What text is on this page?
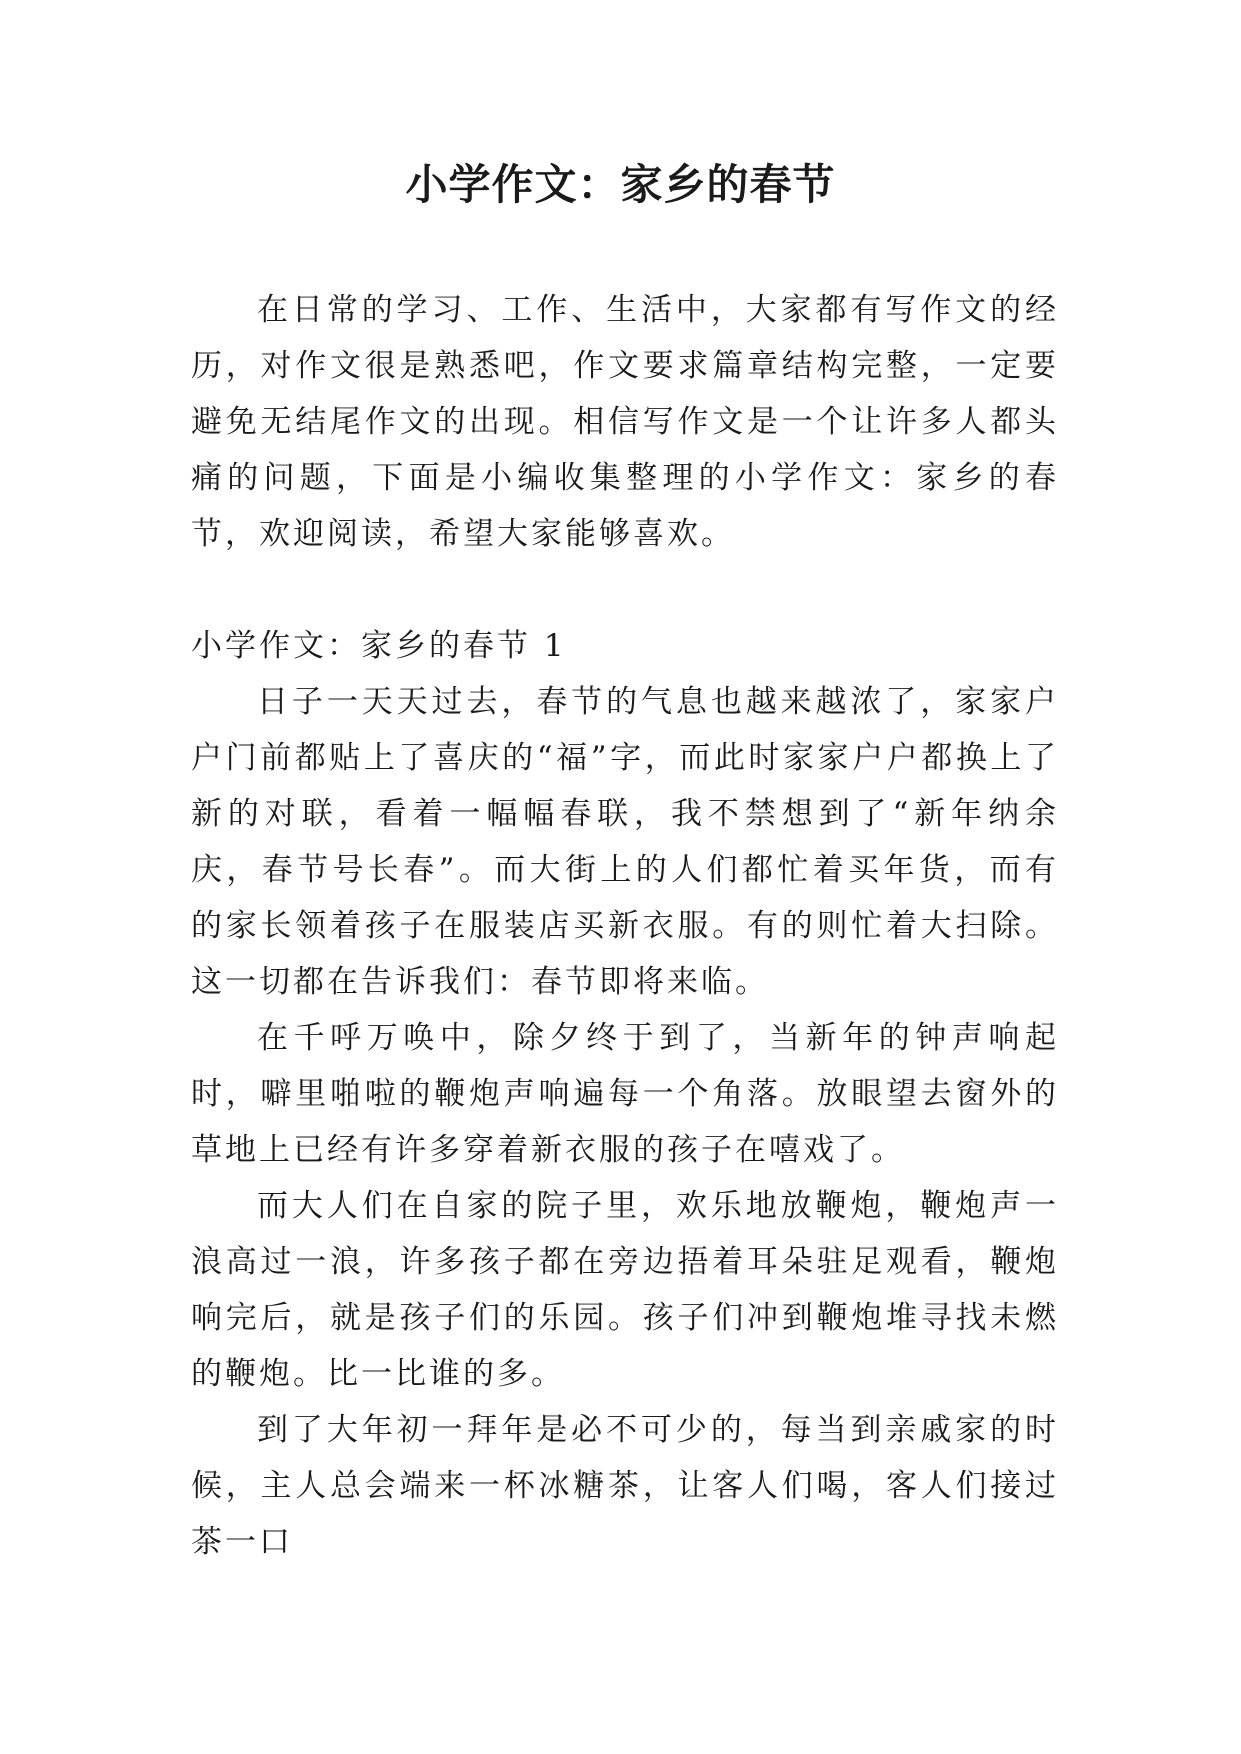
小学作文：家乡的春节

在日常的学习、工作、生活中，大家都有写作文的经历，对作文很是熟悉吧，作文要求篇章结构完整，一定要避免无结尾作文的出现。相信写作文是一个让许多人都头痛的问题，下面是小编收集整理的小学作文：家乡的春节，欢迎阅读，希望大家能够喜欢。

小学作文：家乡的春节 1

日子一天天过去，春节的气息也越来越浓了，家家户户门前都贴上了喜庆的“福”字，而此时家家户户都换上了新的对联，看着一幅幅春联，我不禁想到了“新年纳余庆，春节号长春”。而大街上的人们都忙着买年货，而有的家长领着孩子在服装店买新衣服。有的则忙着大扫除。这一切都在告诉我们：春节即将来临。

在千呼万唤中，除夕终于到了，当新年的钟声响起时，噼里啪啦的鞭炮声响遍每一个角落。放眼望去窗外的草地上已经有许多穿着新衣服的孩子在嘻戏了。

而大人们在自家的院子里，欢乐地放鞭炮，鞭炮声一浪高过一浪，许多孩子都在旁边捂着耳朵驻足观看，鞭炮响完后，就是孩子们的乐园。孩子们冲到鞭炮堆寻找未燃的鞭炮。比一比谁的多。

到了大年初一拜年是必不可少的，每当到亲戚家的时候，主人总会端来一杯冰糖茶，让客人们喝，客人们接过茶一口
